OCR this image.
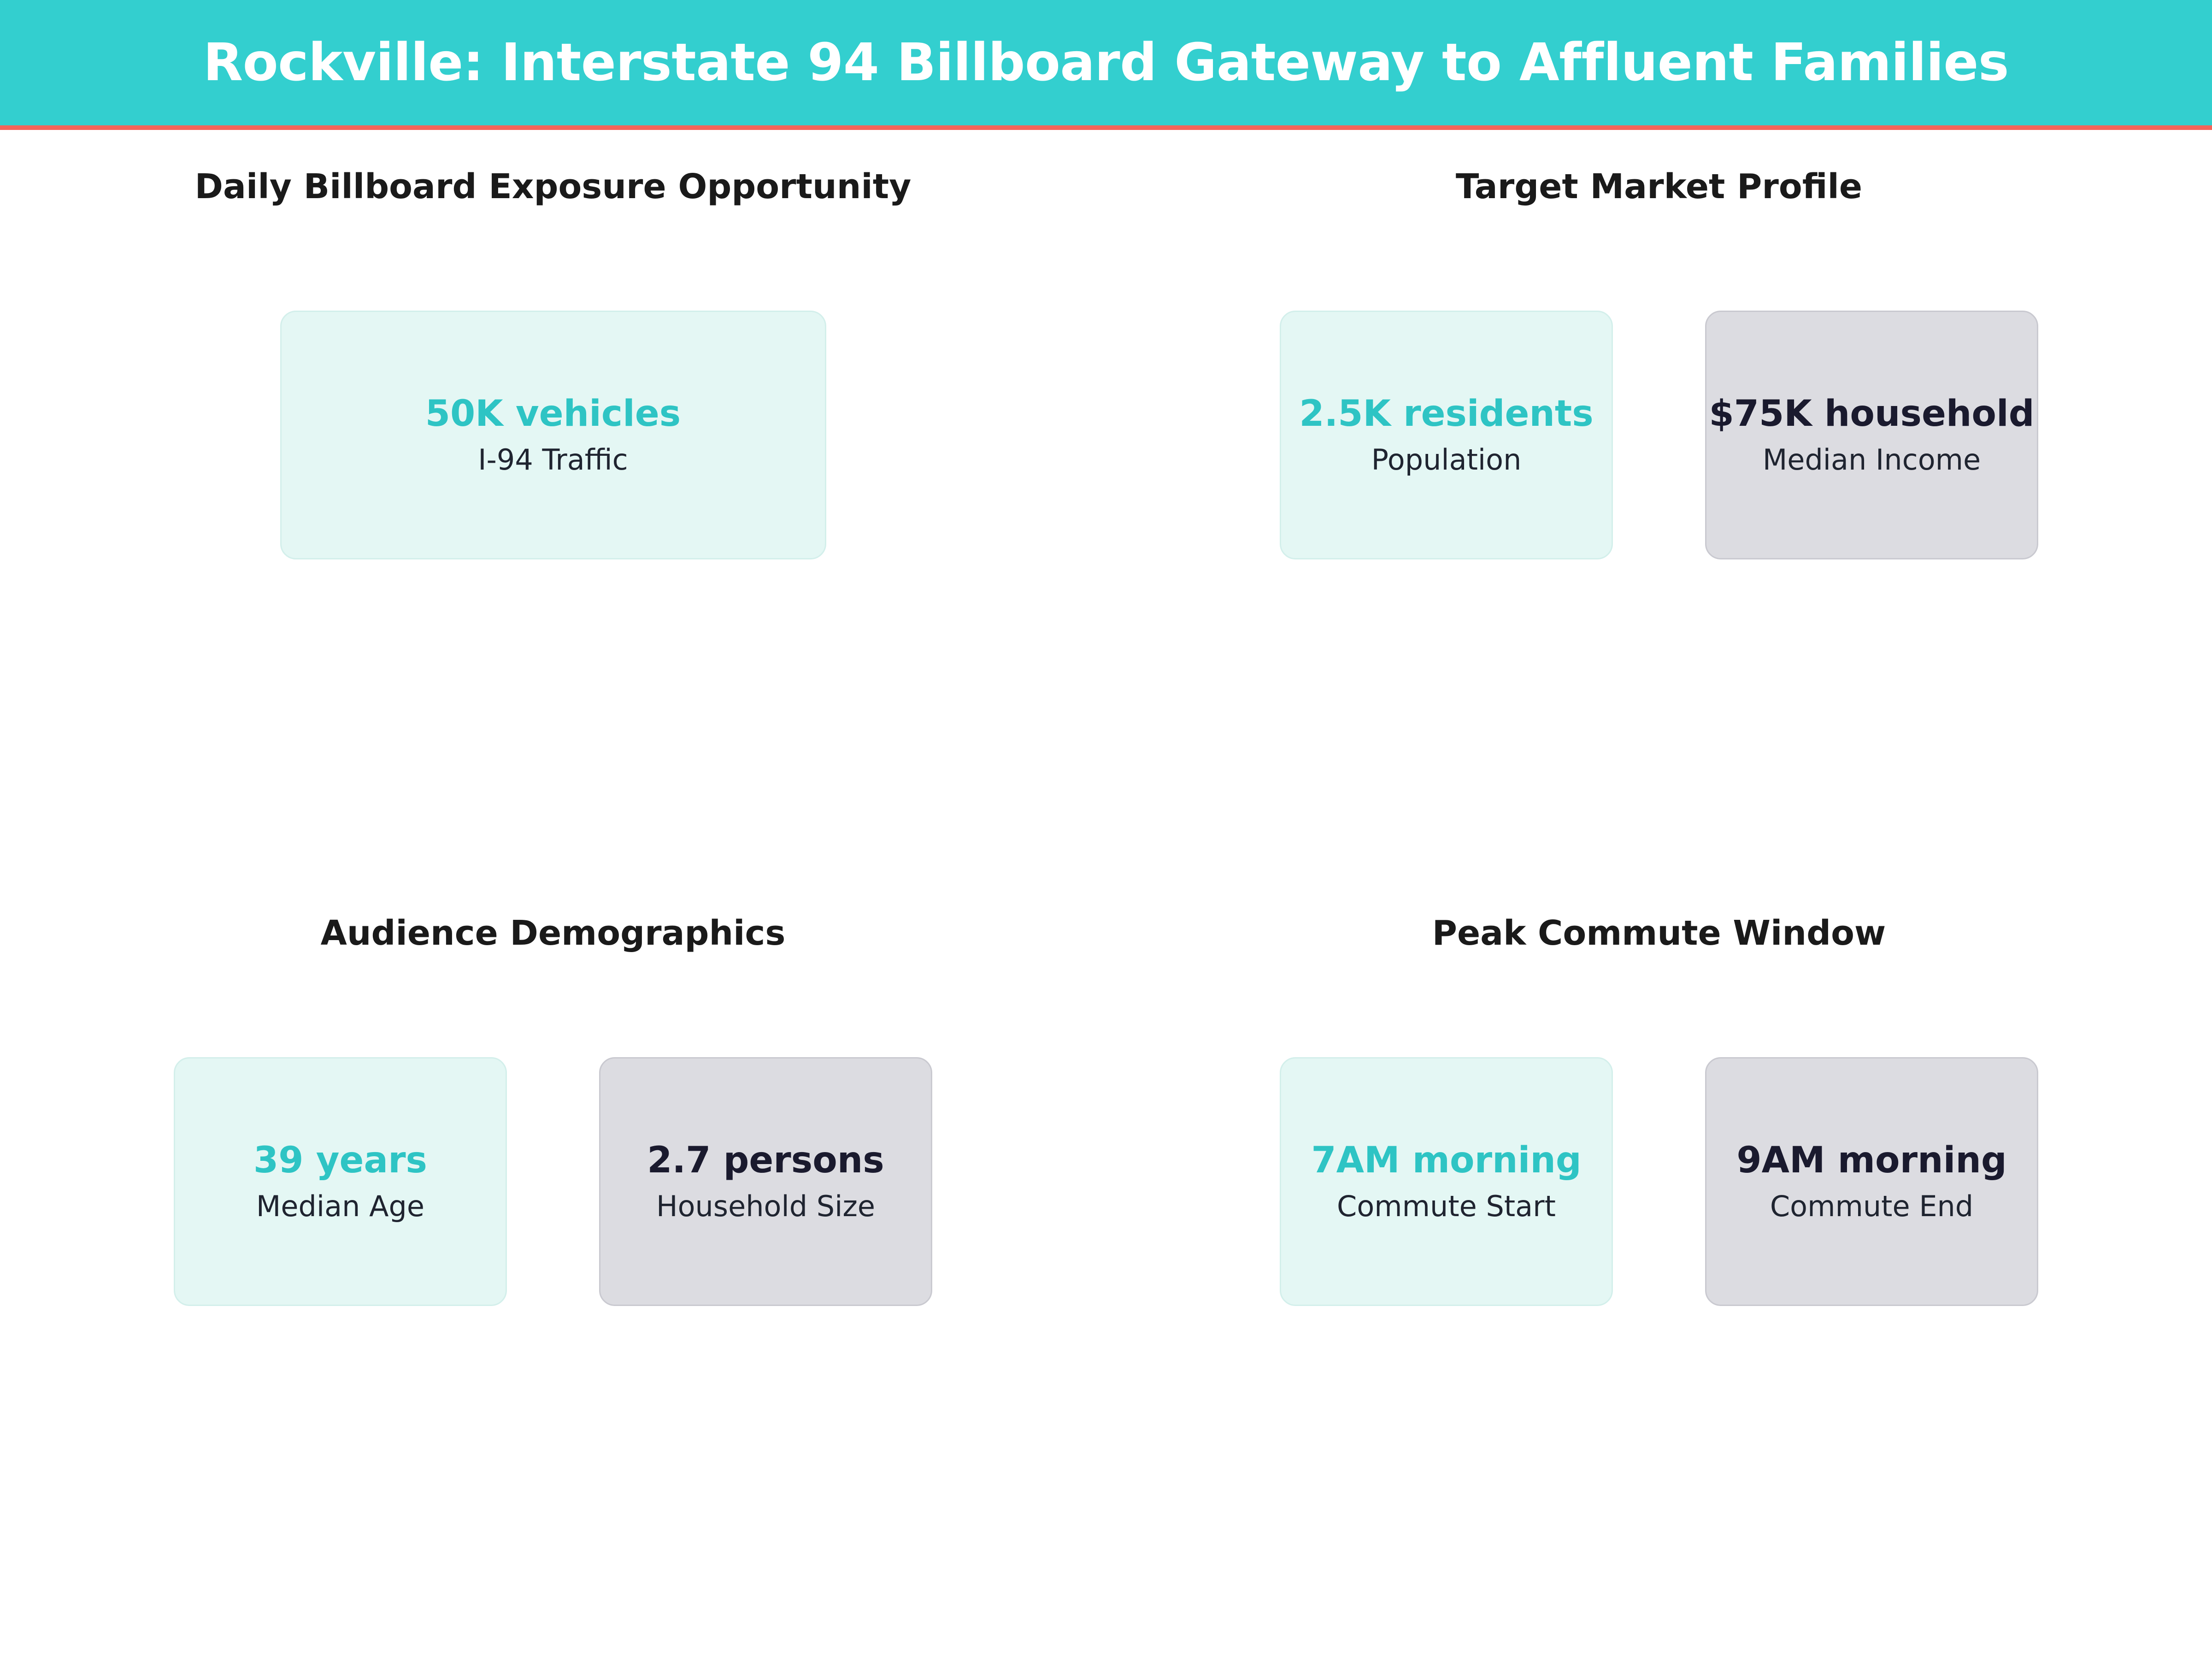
Rockville: Interstate 94 Billboard Gateway to Affluent Families
Daily Billboard Exposure Opportunity
50K vehicles
I-94 Traffic
Target Market Profile
2.5K residents
Population
$75K household
Median Income
Audience Demographics
39 years
Median Age
2.7 persons
Household Size
Peak Commute Window
7AM morning
Commute Start
9AM morning
Commute End
